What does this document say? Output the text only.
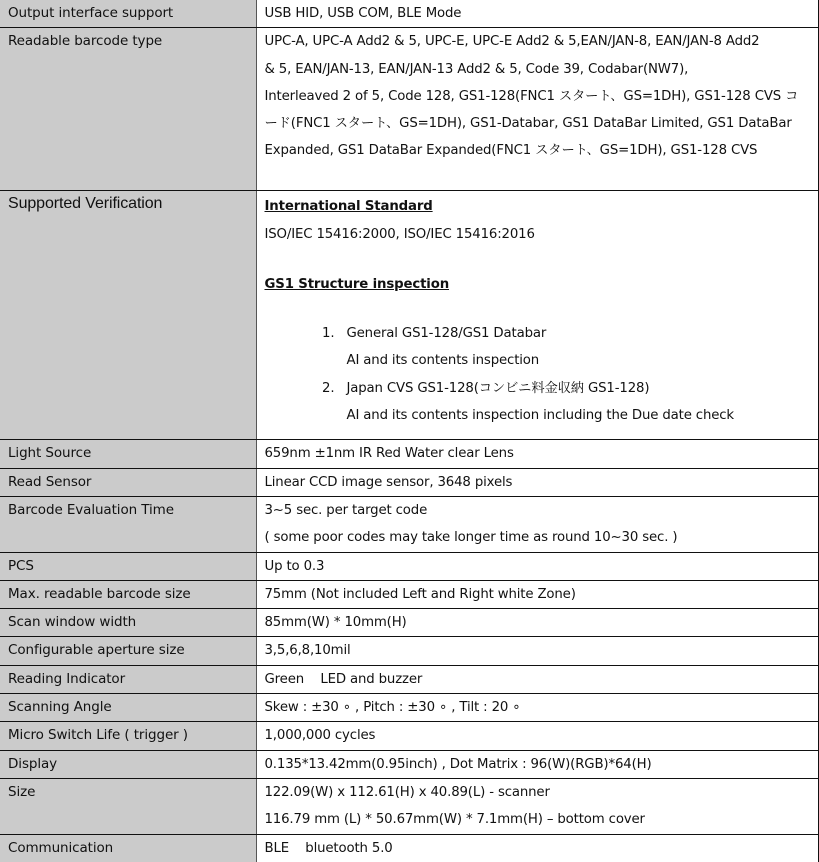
Output interface support	USB HID, USB COM, BLE Mode

Readable barcode type	UPC-A, UPC-A Add2 & 5, UPC-E, UPC-E Add2 & 5,EAN/JAN-8, EAN/JAN-8 Add2
& 5, EAN/JAN-13, EAN/JAN-13 Add2 & 5, Code 39, Codabar(NW7),
Interleaved 2 of 5, Code 128, GS1-128(FNC1 スタート、GS=1DH), GS1-128 CVS コ
ード(FNC1 スタート、GS=1DH), GS1-Databar, GS1 DataBar Limited, GS1 DataBar
Expanded, GS1 DataBar Expanded(FNC1 スタート、GS=1DH), GS1-128 CVS

Supported Verification	International Standard
ISO/IEC 15416:2000, ISO/IEC 15416:2016
GS1 Structure inspection
1. General GS1-128/GS1 Databar
AI and its contents inspection
2. Japan CVS GS1-128(コンビニ料金収納 GS1-128)
AI and its contents inspection including the Due date check

Light Source	659nm ±1nm IR Red Water clear Lens

Read Sensor	Linear CCD image sensor, 3648 pixels

Barcode Evaluation Time	3~5 sec. per target code
( some poor codes may take longer time as round 10~30 sec. )

PCS	Up to 0.3

Max. readable barcode size	75mm (Not included Left and Right white Zone)

Scan window width	85mm(W) * 10mm(H)

Configurable aperture size	3,5,6,8,10mil

Reading Indicator	Green    LED and buzzer

Scanning Angle	Skew : ±30 ∘ , Pitch : ±30 ∘ , Tilt : 20 ∘

Micro Switch Life ( trigger )	1,000,000 cycles

Display	0.135*13.42mm(0.95inch) , Dot Matrix : 96(W)(RGB)*64(H)

Size	122.09(W) x 112.61(H) x 40.89(L) - scanner
116.79 mm (L) * 50.67mm(W) * 7.1mm(H) – bottom cover

Communication	BLE    bluetooth 5.0
